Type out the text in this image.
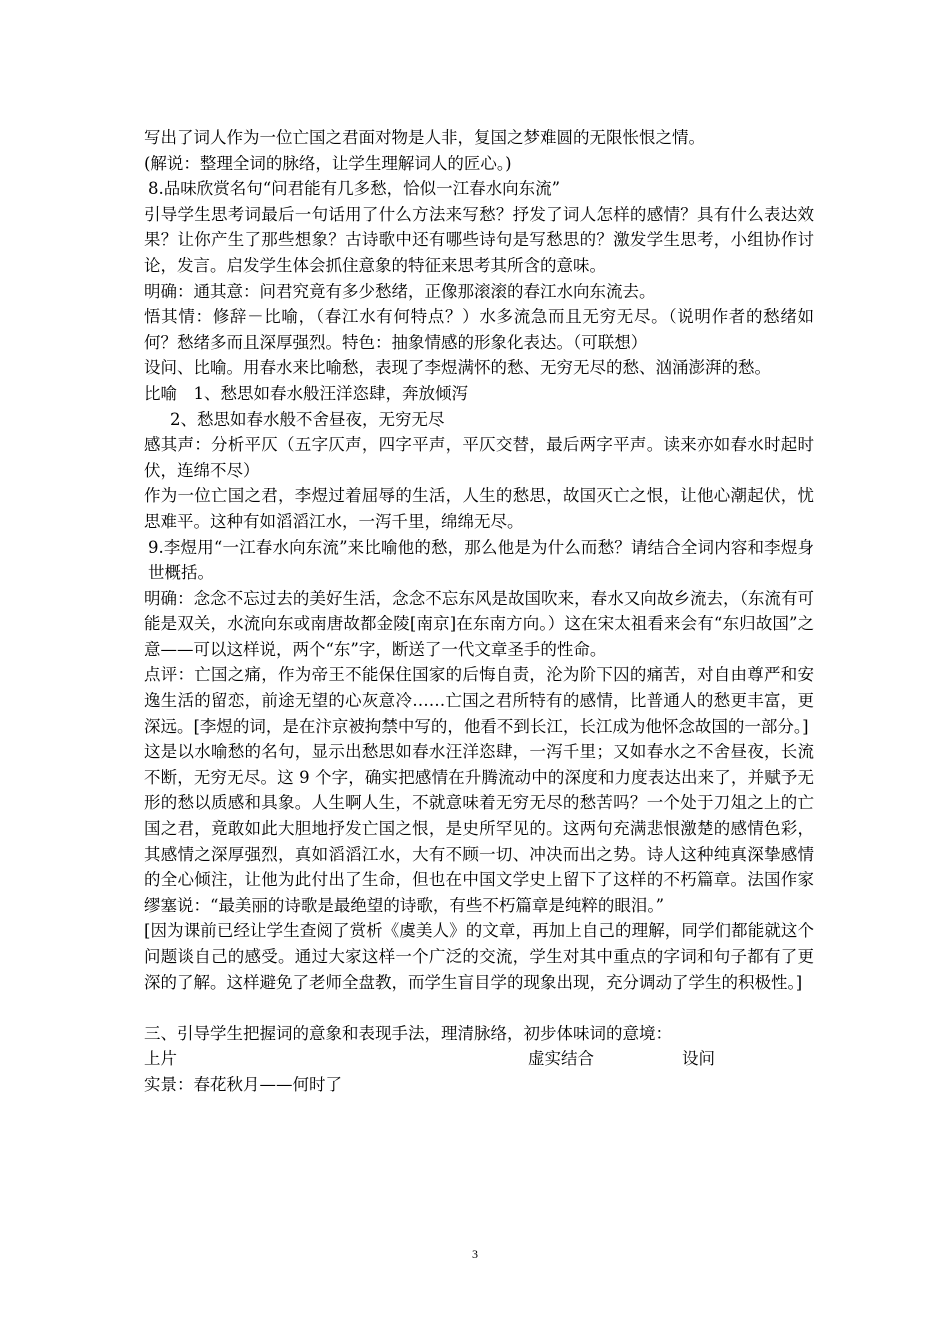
写出了词人作为一位亡国之君面对物是人非，复国之梦难圆的无限怅恨之情。

(解说：整理全词的脉络，让学生理解词人的匠心。)

8.品味欣赏名句“问君能有几多愁，恰似一江春水向东流”

引导学生思考词最后一句话用了什么方法来写愁？抒发了词人怎样的感情？具有什么表达效果？让你产生了那些想象？古诗歌中还有哪些诗句是写愁思的？激发学生思考，小组协作讨论，发言。启发学生体会抓住意象的特征来思考其所含的意味。

明确：通其意：问君究竟有多少愁绪，正像那滚滚的春江水向东流去。

悟其情：修辞－比喻，（春江水有何特点？）水多流急而且无穷无尽。（说明作者的愁绪如何？愁绪多而且深厚强烈。特色：抽象情感的形象化表达。（可联想）

设问、比喻。用春水来比喻愁，表现了李煜满怀的愁、无穷无尽的愁、汹涌澎湃的愁。

比喻　1、愁思如春水般汪洋恣肆，奔放倾泻

2、愁思如春水般不舍昼夜，无穷无尽

感其声：分析平仄（五字仄声，四字平声，平仄交替，最后两字平声。读来亦如春水时起时伏，连绵不尽）

作为一位亡国之君，李煜过着屈辱的生活，人生的愁思，故国灭亡之恨，让他心潮起伏，忧思难平。这种有如滔滔江水，一泻千里，绵绵无尽。

9.李煜用“一江春水向东流”来比喻他的愁，那么他是为什么而愁？请结合全词内容和李煜身世概括。

明确：念念不忘过去的美好生活，念念不忘东风是故国吹来，春水又向故乡流去，（东流有可能是双关，水流向东或南唐故都金陵[南京]在东南方向。）这在宋太祖看来会有“东归故国”之意——可以这样说，两个“东”字，断送了一代文章圣手的性命。

点评：亡国之痛，作为帝王不能保住国家的后悔自责，沦为阶下囚的痛苦，对自由尊严和安逸生活的留恋，前途无望的心灰意冷……亡国之君所特有的感情，比普通人的愁更丰富，更深远。[李煜的词，是在汴京被拘禁中写的，他看不到长江，长江成为他怀念故国的一部分。]

这是以水喻愁的名句，显示出愁思如春水汪洋恣肆，一泻千里；又如春水之不舍昼夜，长流不断，无穷无尽。这 9 个字，确实把感情在升腾流动中的深度和力度表达出来了，并赋予无形的愁以质感和具象。人生啊人生，不就意味着无穷无尽的愁苦吗？一个处于刀俎之上的亡国之君，竟敢如此大胆地抒发亡国之恨，是史所罕见的。这两句充满悲恨激楚的感情色彩，其感情之深厚强烈，真如滔滔江水，大有不顾一切、冲决而出之势。诗人这种纯真深挚感情的全心倾注，让他为此付出了生命，但也在中国文学史上留下了这样的不朽篇章。法国作家缪塞说：“最美丽的诗歌是最绝望的诗歌，有些不朽篇章是纯粹的眼泪。”

[因为课前已经让学生查阅了赏析《虞美人》的文章，再加上自己的理解，同学们都能就这个问题谈自己的感受。通过大家这样一个广泛的交流，学生对其中重点的字词和句子都有了更深的了解。这样避免了老师全盘教，而学生盲目学的现象出现，充分调动了学生的积极性。]

三、引导学生把握词的意象和表现手法，理清脉络，初步体味词的意境：

上片	虚实结合	设问

实景：春花秋月——何时了

3
